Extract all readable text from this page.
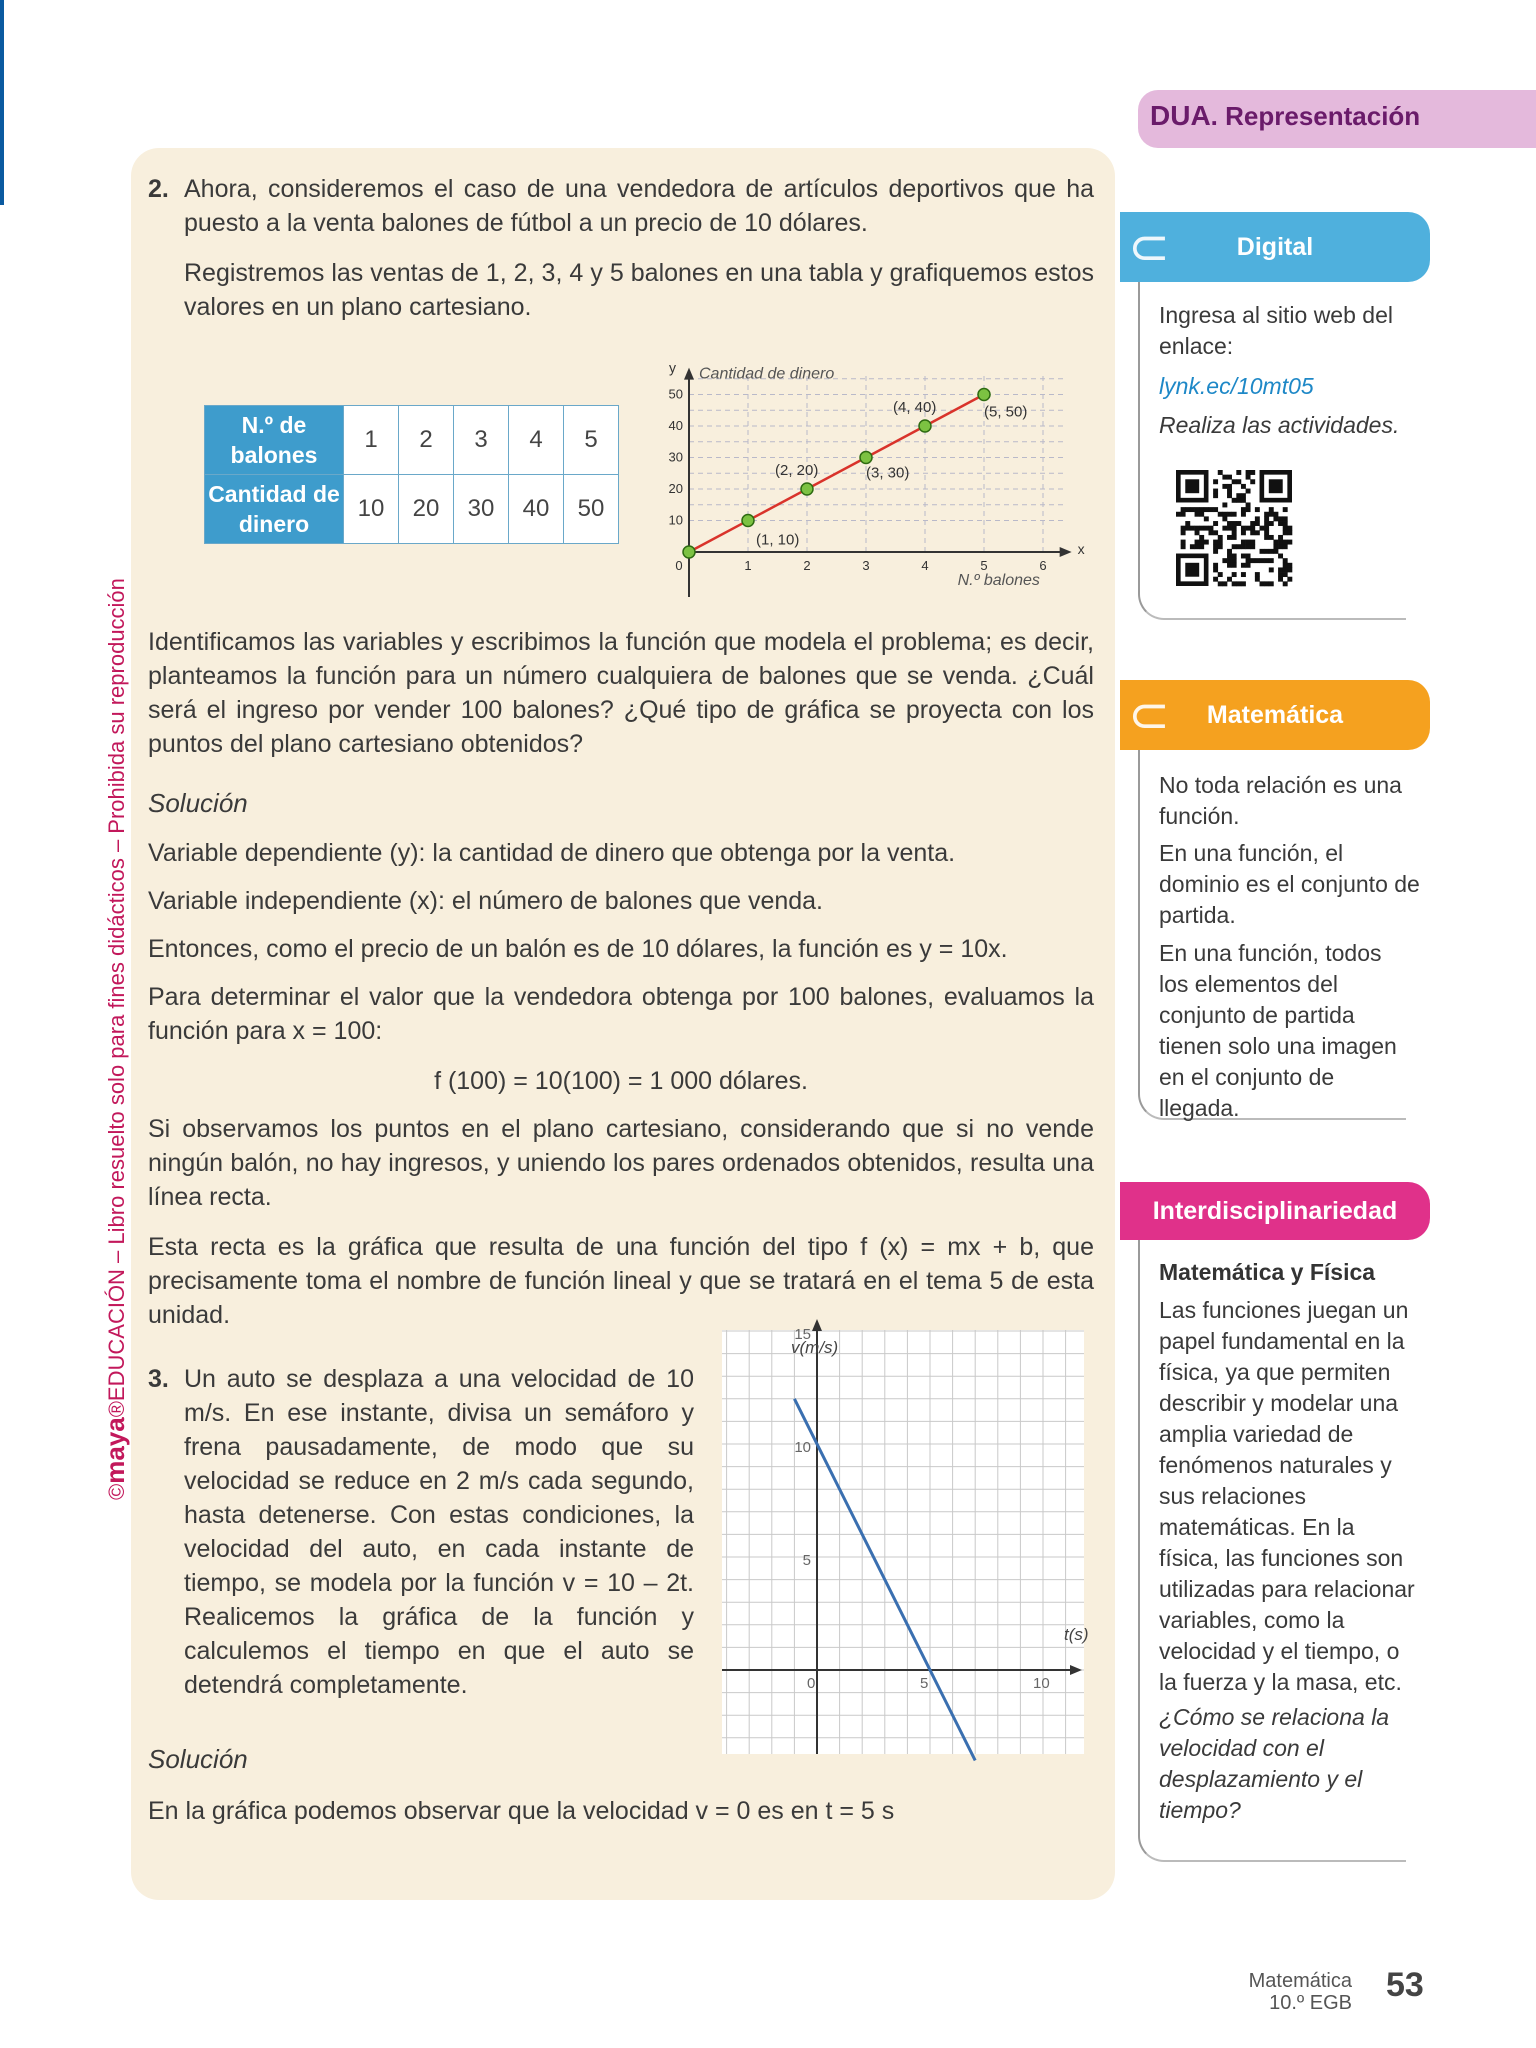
©maya®EDUCACIÓN – Libro resuelto solo para fines didácticos – Prohibida su reproducción
DUA. Representación
2. Ahora, consideremos el caso de una vendedora de artículos deportivos que ha puesto a la venta balones de fútbol a un precio de 10 dólares.
Registremos las ventas de 1, 2, 3, 4 y 5 balones en una tabla y grafiquemos estos valores en un plano cartesiano.
N.º de balones	1	2	3	4	5
Cantidad de dinero	10	20	30	40	50
y
x
Cantidad de dinero
N.º balones
0	1	2	3	4	5	6
10
20
30
40
50
(1, 10)
(2, 20)	(3, 30)
(4, 40)	(5, 50)
Identificamos las variables y escribimos la función que modela el problema; es decir, planteamos la función para un número cualquiera de balones que se venda. ¿Cuál será el ingreso por vender 100 balones? ¿Qué tipo de gráfica se proyecta con los puntos del plano cartesiano obtenidos?
Solución
Variable dependiente (y): la cantidad de dinero que obtenga por la venta.
Variable independiente (x): el número de balones que venda.
Entonces, como el precio de un balón es de 10 dólares, la función es y = 10x.
Para determinar el valor que la vendedora obtenga por 100 balones, evaluamos la función para x = 100:
f (100) = 10(100) = 1 000 dólares.
Si observamos los puntos en el plano cartesiano, considerando que si no vende ningún balón, no hay ingresos, y uniendo los pares ordenados obtenidos, resulta una línea recta.
Esta recta es la gráfica que resulta de una función del tipo f (x) = mx + b, que precisamente toma el nombre de función lineal y que se tratará en el tema 5 de esta unidad.
3. Un auto se desplaza a una velocidad de 10 m/s. En ese instante, divisa un semáforo y frena pausadamente, de modo que su velocidad se reduce en 2 m/s cada segundo, hasta detenerse. Con estas condiciones, la velocidad del auto, en cada instante de tiempo, se modela por la función v = 10 – 2t. Realicemos la gráfica de la función y calculemos el tiempo en que el auto se detendrá completamente.
v(m/s)
t(s)
0	5	10
15
10
5
Solución
En la gráfica podemos observar que la velocidad v = 0 es en t = 5 s
⊂	Digital
Ingresa al sitio web del enlace:
lynk.ec/10mt05
Realiza las actividades.
⊂ Matemática
No toda relación es una función.
En una función, el dominio es el conjunto de partida.
En una función, todos los elementos del conjunto de partida tienen solo una imagen en el conjunto de llegada.
Interdisciplinariedad
Matemática y Física
Las funciones juegan un papel fundamental en la física, ya que permiten describir y modelar una amplia variedad de fenómenos naturales y sus relaciones matemáticas. En la física, las funciones son utilizadas para relacionar variables, como la velocidad y el tiempo, o la fuerza y la masa, etc.
¿Cómo se relaciona la velocidad con el desplazamiento y el tiempo?
Matemática
10.º EGB 53
